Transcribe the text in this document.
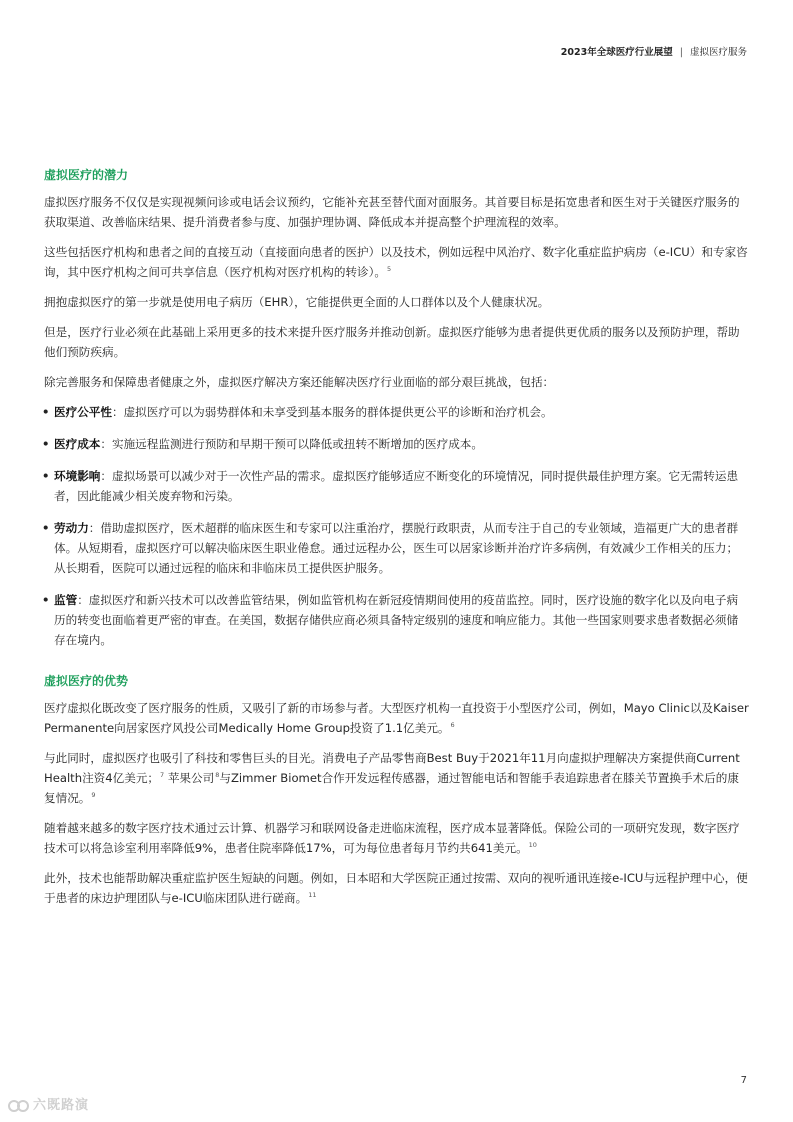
2023年全球医疗行业展望 | 虚拟医疗服务
虚拟医疗的潜力

虚拟医疗服务不仅仅是实现视频问诊或电话会议预约，它能补充甚至替代面对面服务。其首要目标是拓宽患者和医生对于关键医疗服务的获取渠道、改善临床结果、提升消费者参与度、加强护理协调、降低成本并提高整个护理流程的效率。

这些包括医疗机构和患者之间的直接互动（直接面向患者的医护）以及技术，例如远程中风治疗、数字化重症监护病房（e-ICU）和专家咨询，其中医疗机构之间可共享信息（医疗机构对医疗机构的转诊）。$^5$

拥抱虚拟医疗的第一步就是使用电子病历（EHR），它能提供更全面的人口群体以及个人健康状况。

但是，医疗行业必须在此基础上采用更多的技术来提升医疗服务并推动创新。虚拟医疗能够为患者提供更优质的服务以及预防护理，帮助他们预防疾病。

除完善服务和保障患者健康之外，虚拟医疗解决方案还能解决医疗行业面临的部分艰巨挑战，包括：

• 医疗公平性：虚拟医疗可以为弱势群体和未享受到基本服务的群体提供更公平的诊断和治疗机会。
• 医疗成本：实施远程监测进行预防和早期干预可以降低或扭转不断增加的医疗成本。
• 环境影响：虚拟场景可以减少对于一次性产品的需求。虚拟医疗能够适应不断变化的环境情况，同时提供最佳护理方案。它无需转运患者，因此能减少相关废弃物和污染。
• 劳动力：借助虚拟医疗，医术超群的临床医生和专家可以注重治疗，摆脱行政职责，从而专注于自己的专业领域，造福更广大的患者群体。从短期看，虚拟医疗可以解决临床医生职业倦怠。通过远程办公，医生可以居家诊断并治疗许多病例，有效减少工作相关的压力；从长期看，医院可以通过远程的临床和非临床员工提供医护服务。
• 监管：虚拟医疗和新兴技术可以改善监管结果，例如监管机构在新冠疫情期间使用的疫苗监控。同时，医疗设施的数字化以及向电子病历的转变也面临着更严密的审查。在美国，数据存储供应商必须具备特定级别的速度和响应能力。其他一些国家则要求患者数据必须储存在境内。
虚拟医疗的优势

医疗虚拟化既改变了医疗服务的性质，又吸引了新的市场参与者。大型医疗机构一直投资于小型医疗公司，例如，Mayo Clinic以及Kaiser Permanente向居家医疗风投公司Medically Home Group投资了1.1亿美元。$^6$

与此同时，虚拟医疗也吸引了科技和零售巨头的目光。消费电子产品零售商Best Buy于2021年11月向虚拟护理解决方案提供商Current Health注资4亿美元；$^7$ 苹果公司$^8$与Zimmer Biomet合作开发远程传感器，通过智能电话和智能手表追踪患者在膝关节置换手术后的康复情况。$^9$

随着越来越多的数字医疗技术通过云计算、机器学习和联网设备走进临床流程，医疗成本显著降低。保险公司的一项研究发现，数字医疗技术可以将急诊室利用率降低9%，患者住院率降低17%，可为每位患者每月节约共641美元。$^{10}$

此外，技术也能帮助解决重症监护医生短缺的问题。例如，日本昭和大学医院正通过按需、双向的视听通讯连接e-ICU与远程护理中心，便于患者的床边护理团队与e-ICU临床团队进行磋商。$^{11}$

7
六既路演
